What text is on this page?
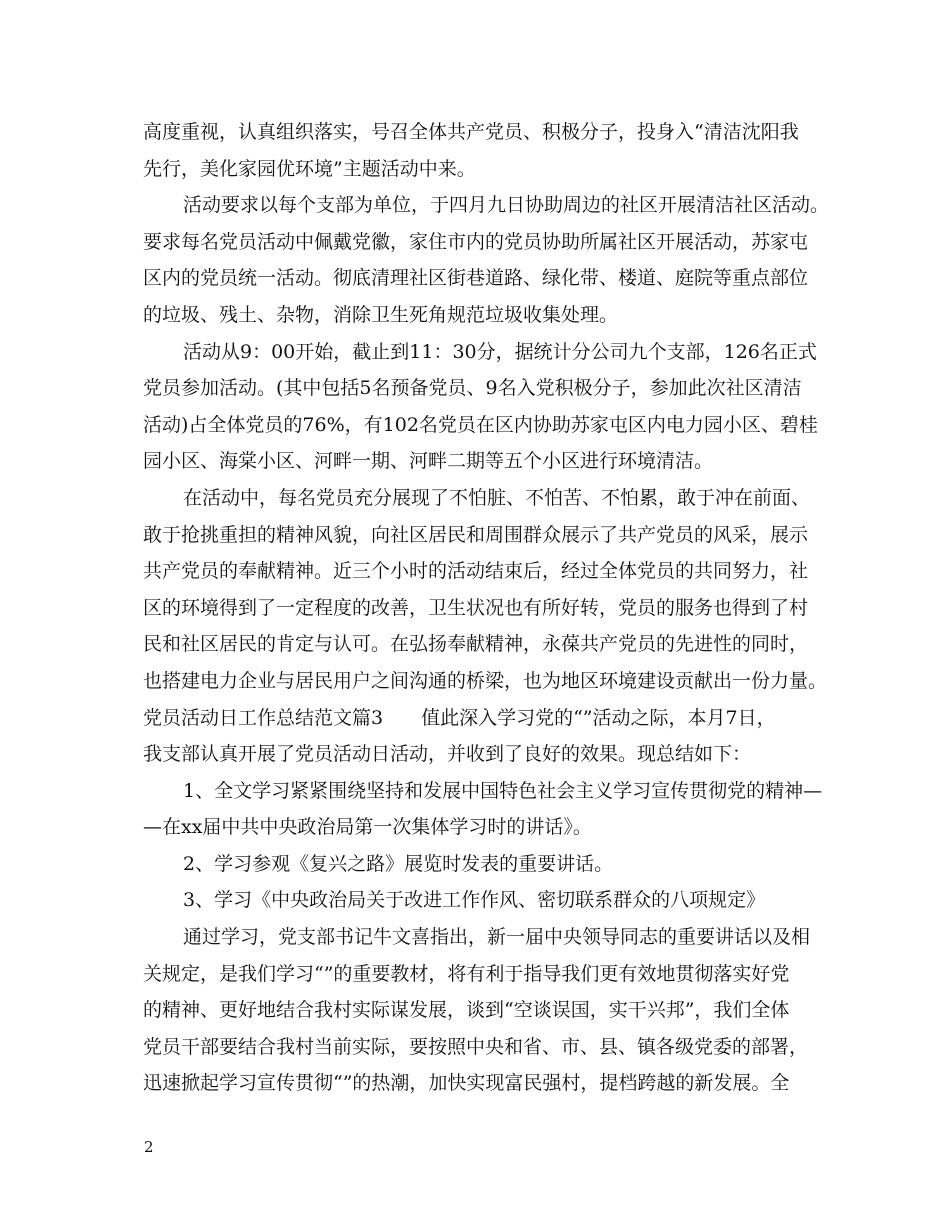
高度重视，认真组织落实，号召全体共产党员、积极分子，投身入“清洁沈阳我
先行，美化家园优环境”主题活动中来。
活动要求以每个支部为单位，于四月九日协助周边的社区开展清洁社区活动。
要求每名党员活动中佩戴党徽，家住市内的党员协助所属社区开展活动，苏家屯
区内的党员统一活动。彻底清理社区街巷道路、绿化带、楼道、庭院等重点部位
的垃圾、残土、杂物，消除卫生死角规范垃圾收集处理。
活动从9：00开始，截止到11：30分，据统计分公司九个支部，126名正式
党员参加活动。(其中包括5名预备党员、9名入党积极分子，参加此次社区清洁
活动)占全体党员的76%，有102名党员在区内协助苏家屯区内电力园小区、碧桂
园小区、海棠小区、河畔一期、河畔二期等五个小区进行环境清洁。
在活动中，每名党员充分展现了不怕脏、不怕苦、不怕累，敢于冲在前面、
敢于抢挑重担的精神风貌，向社区居民和周围群众展示了共产党员的风采，展示
共产党员的奉献精神。近三个小时的活动结束后，经过全体党员的共同努力，社
区的环境得到了一定程度的改善，卫生状况也有所好转，党员的服务也得到了村
民和社区居民的肯定与认可。在弘扬奉献精神，永葆共产党员的先进性的同时，
也搭建电力企业与居民用户之间沟通的桥梁，也为地区环境建设贡献出一份力量。
党员活动日工作总结范文篇3 值此深入学习党的“”活动之际，本月7日，
我支部认真开展了党员活动日活动，并收到了良好的效果。现总结如下：
1、全文学习紧紧围绕坚持和发展中国特色社会主义学习宣传贯彻党的精神—
—在xx届中共中央政治局第一次集体学习时的讲话》。
2、学习参观《复兴之路》展览时发表的重要讲话。
3、学习《中央政治局关于改进工作作风、密切联系群众的八项规定》
通过学习，党支部书记牛文喜指出，新一届中央领导同志的重要讲话以及相
关规定，是我们学习“”的重要教材，将有利于指导我们更有效地贯彻落实好党
的精神、更好地结合我村实际谋发展，谈到“空谈误国，实干兴邦”，我们全体
党员干部要结合我村当前实际，要按照中央和省、市、县、镇各级党委的部署，
迅速掀起学习宣传贯彻“”的热潮，加快实现富民强村，提档跨越的新发展。全
2
